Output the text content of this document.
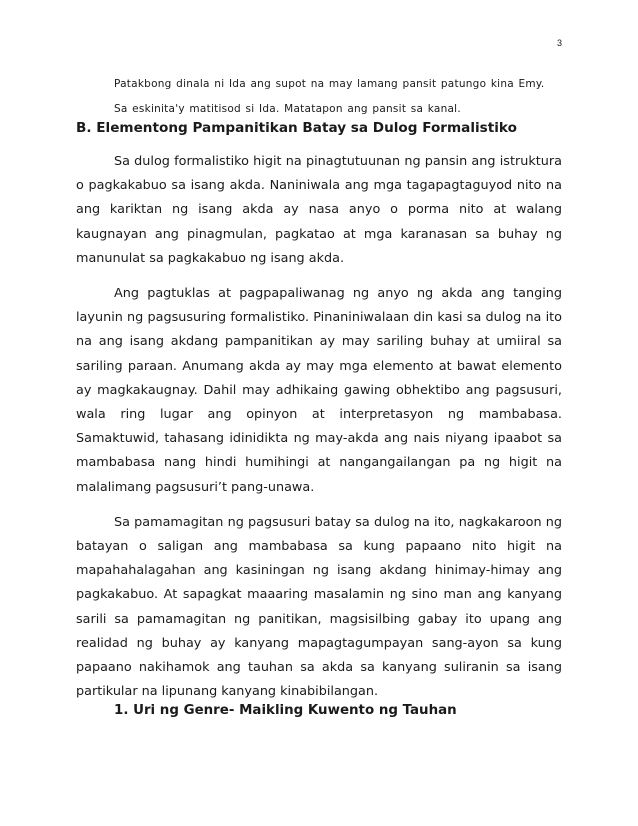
3
Patakbong dinala ni Ida ang supot na may lamang pansit patungo kina Emy.
Sa eskinita'y matitisod si Ida. Matatapon ang pansit sa kanal.
B. Elementong Pampanitikan Batay sa Dulog Formalistiko

Sa dulog formalistiko higit na pinagtutuunan ng pansin ang istruktura o pagkakabuo sa isang akda. Naniniwala ang mga tagapagtaguyod nito na ang kariktan ng isang akda ay nasa anyo o porma nito at walang kaugnayan ang pinagmulan, pagkatao at mga karanasan sa buhay ng manunulat sa pagkakabuo ng isang akda.

Ang pagtuklas at pagpapaliwanag ng anyo ng akda ang tanging layunin ng pagsusuring formalistiko. Pinaniniwalaan din kasi sa dulog na ito na ang isang akdang pampanitikan ay may sariling buhay at umiiral sa sariling paraan. Anumang akda ay may mga elemento at bawat elemento ay magkakaugnay. Dahil may adhikaing gawing obhektibo ang pagsusuri, wala ring lugar ang opinyon at interpretasyon ng mambabasa. Samaktuwid, tahasang idinidikta ng may-akda ang nais niyang ipaabot sa mambabasa nang hindi humihingi at nangangailangan pa ng higit na malalimang pagsusuri’t pang-unawa.

Sa pamamagitan ng pagsusuri batay sa dulog na ito, nagkakaroon ng batayan o saligan ang mambabasa sa kung papaano nito higit na mapahahalagahan ang kasiningan ng isang akdang hinimay-himay ang pagkakabuo. At sapagkat maaaring masalamin ng sino man ang kanyang sarili sa pamamagitan ng panitikan, magsisilbing gabay ito upang ang realidad ng buhay ay kanyang mapagtagumpayan sang-ayon sa kung papaano nakihamok ang tauhan sa akda sa kanyang suliranin sa isang partikular na lipunang kanyang kinabibilangan.

1. Uri ng Genre- Maikling Kuwento ng Tauhan
